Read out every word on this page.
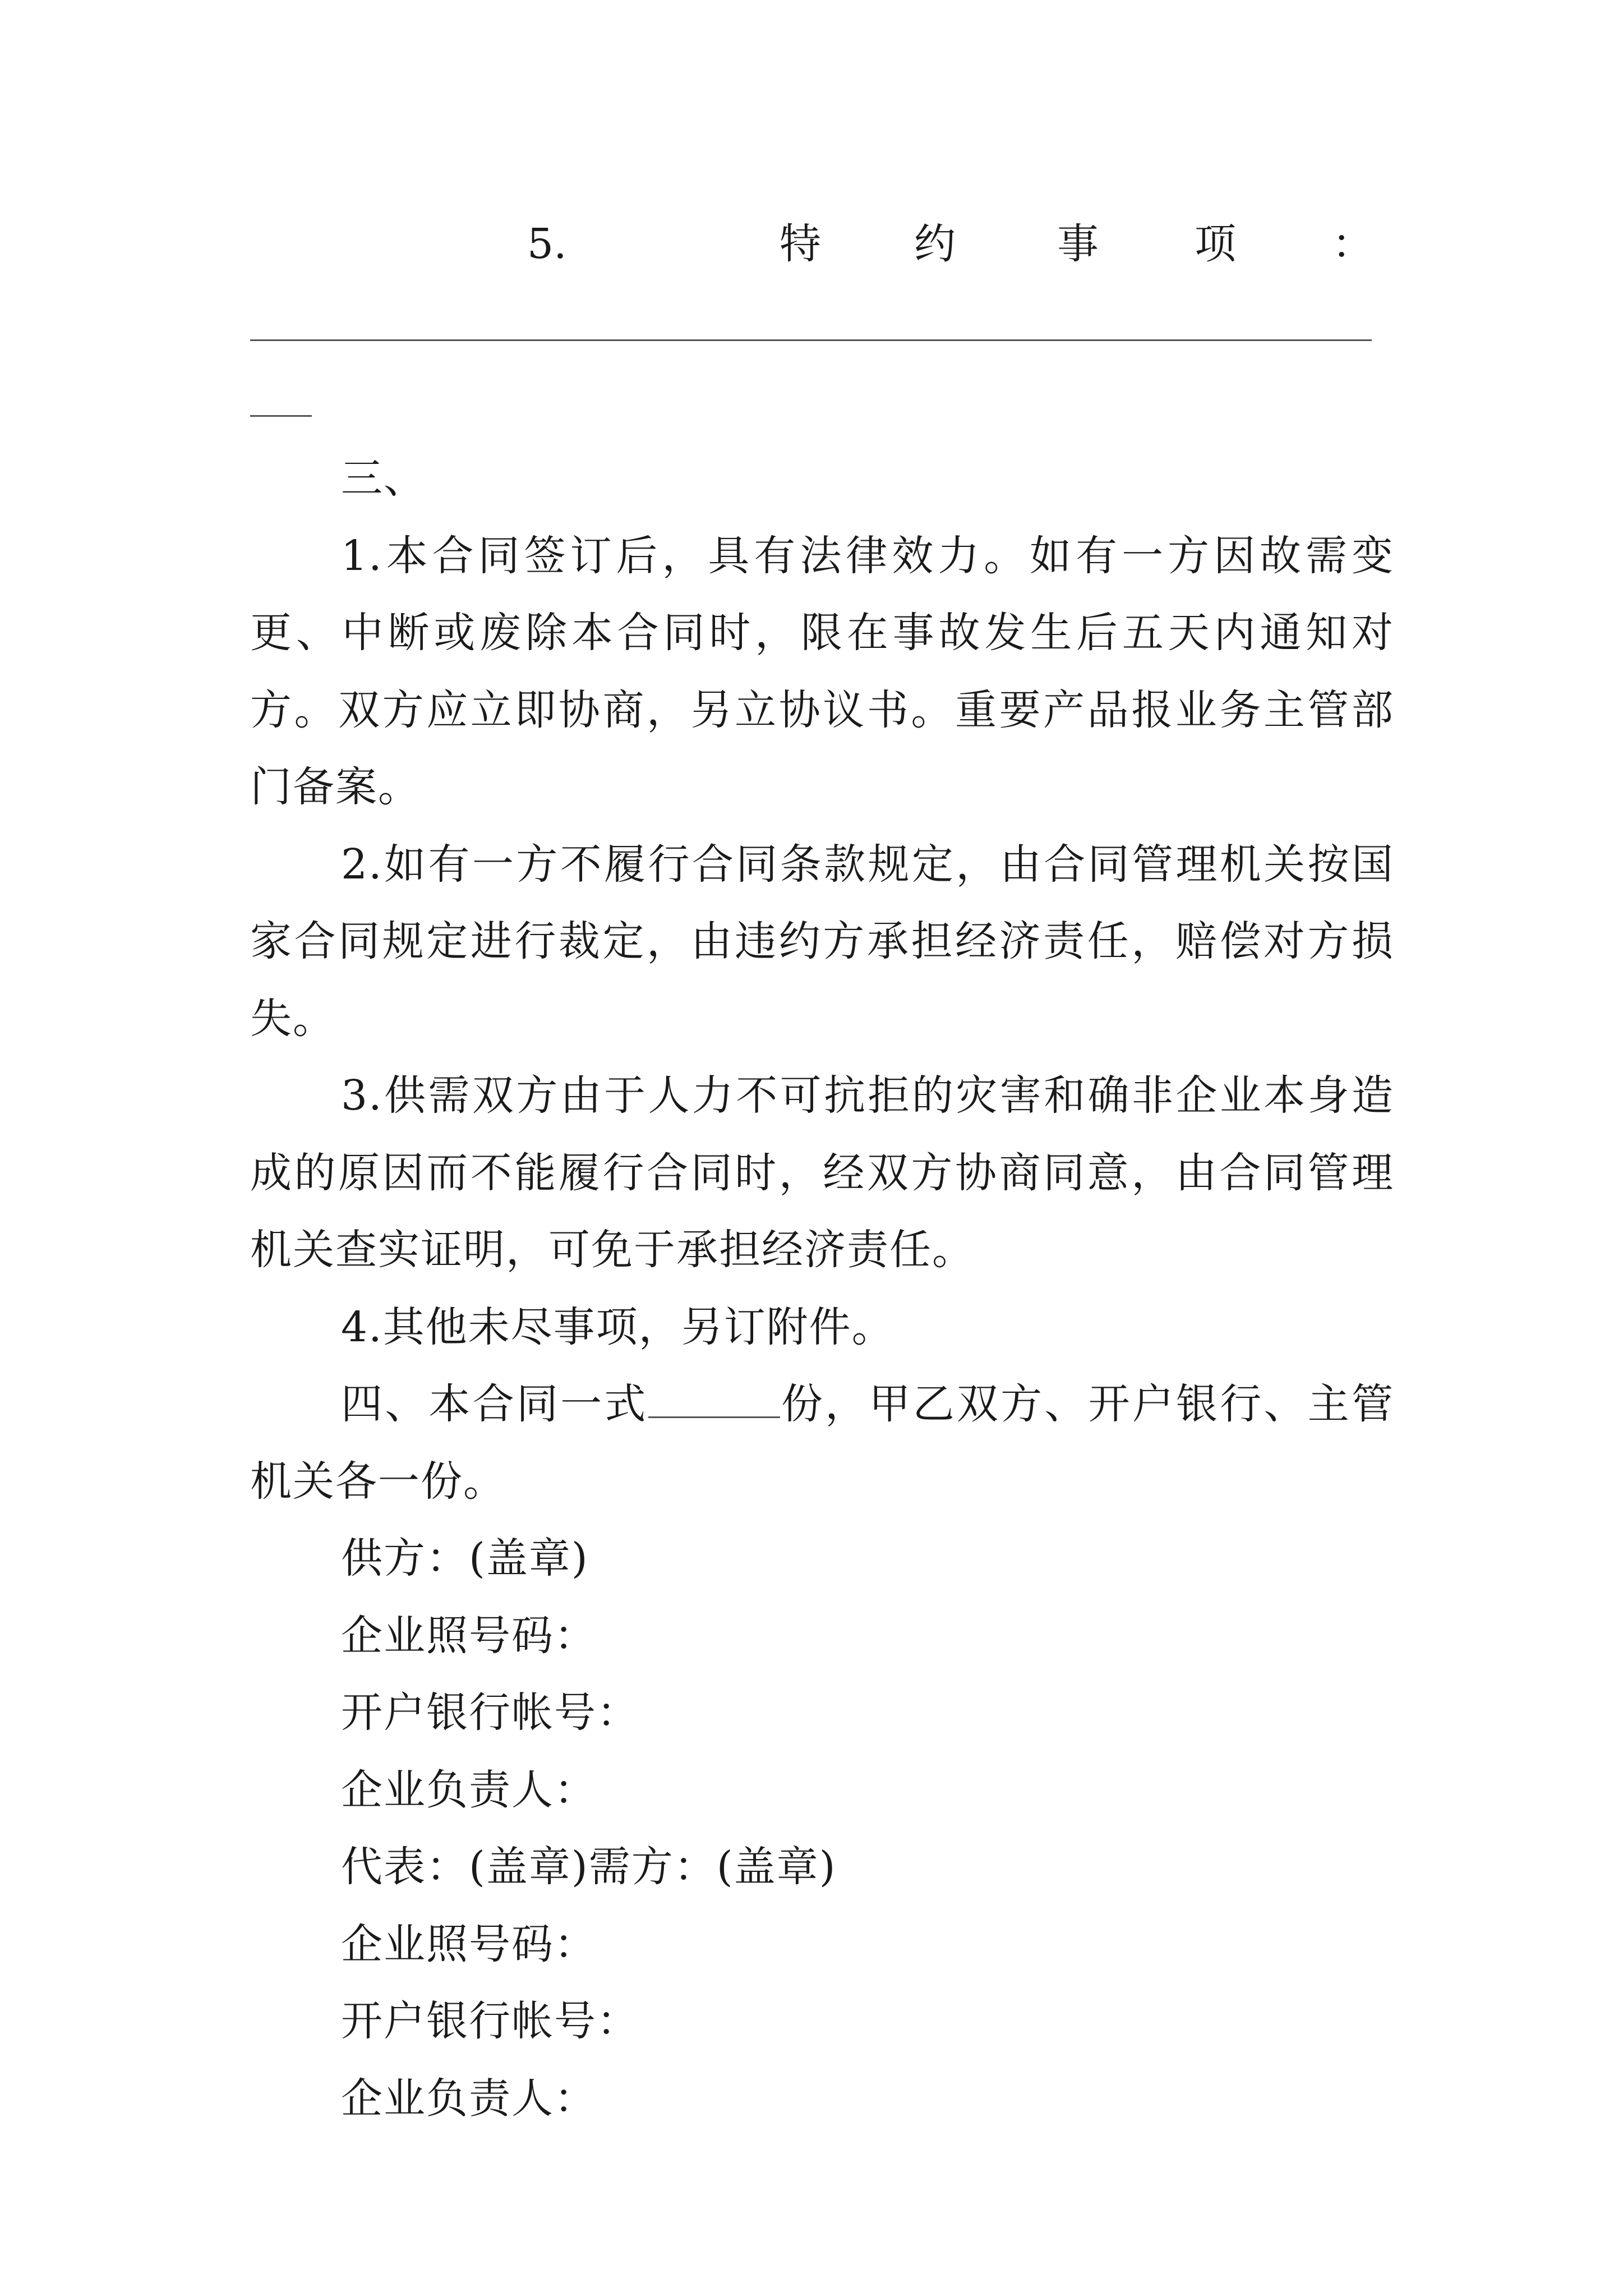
5.	特 约 事 项 ：

三、

1.本合同签订后，具有法律效力。如有一方因故需变更、中断或废除本合同时，限在事故发生后五天内通知对方。双方应立即协商，另立协议书。重要产品报业务主管部门备案。

2.如有一方不履行合同条款规定，由合同管理机关按国家合同规定进行裁定，由违约方承担经济责任，赔偿对方损失。

3.供需双方由于人力不可抗拒的灾害和确非企业本身造成的原因而不能履行合同时，经双方协商同意，由合同管理机关查实证明，可免于承担经济责任。

4.其他未尽事项，另订附件。

四、本合同一式	份，甲乙双方、开户银行、主管机关各一份。

供方：(盖章)

企业照号码：

开户银行帐号：

企业负责人：

代表：(盖章)需方：(盖章)

企业照号码：

开户银行帐号：

企业负责人：
